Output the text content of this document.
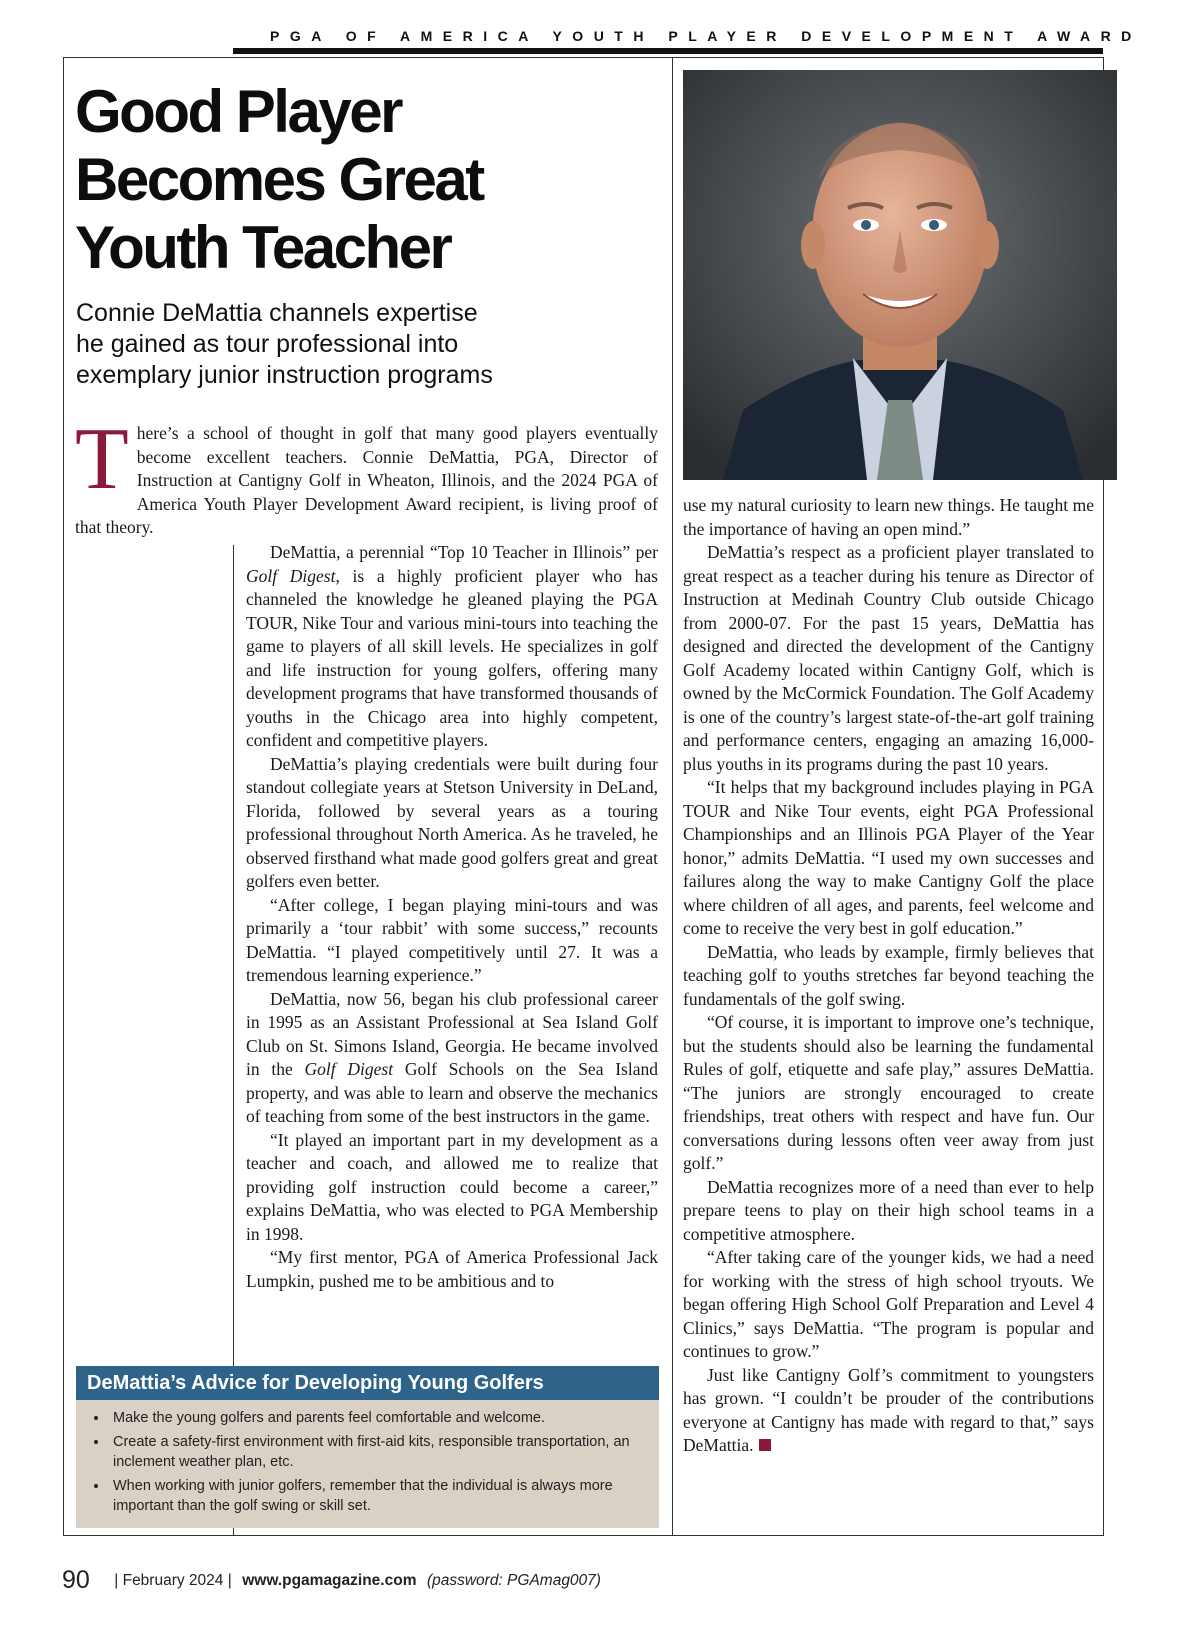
PGA OF AMERICA YOUTH PLAYER DEVELOPMENT AWARD
Good Player
Becomes Great
Youth Teacher

Connie DeMattia channels expertise
he gained as tour professional into
exemplary junior instruction programs

There’s a school of thought in golf that many good players eventually become excellent teachers. Connie DeMattia, PGA, Director of Instruction at Cantigny Golf in Wheaton, Illinois, and the 2024 PGA of America Youth Player Development Award recipient, is living proof of that theory.

DeMattia, a perennial “Top 10 Teacher in Illinois” per Golf Digest, is a highly proficient player who has channeled the knowledge he gleaned playing the PGA TOUR, Nike Tour and various mini-tours into teaching the game to players of all skill levels. He specializes in golf and life instruction for young golfers, offering many development programs that have transformed thousands of youths in the Chicago area into highly competent, confident and competitive players.

DeMattia’s playing credentials were built during four standout collegiate years at Stetson University in DeLand, Florida, followed by several years as a touring professional throughout North America. As he traveled, he observed firsthand what made good golfers great and great golfers even better.

“After college, I began playing mini-tours and was primarily a ‘tour rabbit’ with some success,” recounts DeMattia. “I played competitively until 27. It was a tremendous learning experience.”

DeMattia, now 56, began his club professional career in 1995 as an Assistant Professional at Sea Island Golf Club on St. Simons Island, Georgia. He became involved in the Golf Digest Golf Schools on the Sea Island property, and was able to learn and observe the mechanics of teaching from some of the best instructors in the game.

“It played an important part in my development as a teacher and coach, and allowed me to realize that providing golf instruction could become a career,” explains DeMattia, who was elected to PGA Membership in 1998.

“My first mentor, PGA of America Professional Jack Lumpkin, pushed me to be ambitious and to

use my natural curiosity to learn new things. He taught me the importance of having an open mind.”

DeMattia’s respect as a proficient player translated to great respect as a teacher during his tenure as Director of Instruction at Medinah Country Club outside Chicago from 2000-07. For the past 15 years, DeMattia has designed and directed the development of the Cantigny Golf Academy located within Cantigny Golf, which is owned by the McCormick Foundation. The Golf Academy is one of the country’s largest state-of-the-art golf training and performance centers, engaging an amazing 16,000-plus youths in its programs during the past 10 years.

“It helps that my background includes playing in PGA TOUR and Nike Tour events, eight PGA Professional Championships and an Illinois PGA Player of the Year honor,” admits DeMattia. “I used my own successes and failures along the way to make Cantigny Golf the place where children of all ages, and parents, feel welcome and come to receive the very best in golf education.”

DeMattia, who leads by example, firmly believes that teaching golf to youths stretches far beyond teaching the fundamentals of the golf swing.

“Of course, it is important to improve one’s technique, but the students should also be learning the fundamental Rules of golf, etiquette and safe play,” assures DeMattia. “The juniors are strongly encouraged to create friendships, treat others with respect and have fun. Our conversations during lessons often veer away from just golf.”

DeMattia recognizes more of a need than ever to help prepare teens to play on their high school teams in a competitive atmosphere.

“After taking care of the younger kids, we had a need for working with the stress of high school tryouts. We began offering High School Golf Preparation and Level 4 Clinics,” says DeMattia. “The program is popular and continues to grow.”

Just like Cantigny Golf’s commitment to youngsters has grown. “I couldn’t be prouder of the contributions everyone at Cantigny has made with regard to that,” says DeMattia.

DeMattia’s Advice for Developing Young Golfers
• Make the young golfers and parents feel comfortable and welcome.
• Create a safety-first environment with first-aid kits, responsible transportation, an inclement weather plan, etc.
• When working with junior golfers, remember that the individual is always more important than the golf swing or skill set.
90 | February 2024 | www.pgamagazine.com (password: PGAmag007)
